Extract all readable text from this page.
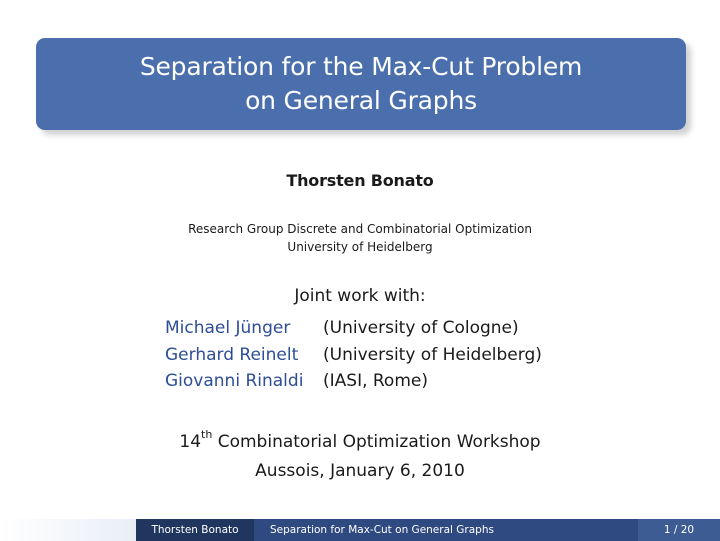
Separation for the Max-Cut Problem
on General Graphs
Thorsten Bonato
Research Group Discrete and Combinatorial Optimization
University of Heidelberg
Joint work with:
Michael Jünger	(University of Cologne)
Gerhard Reinelt	(University of Heidelberg)
Giovanni Rinaldi	(IASI, Rome)
14th Combinatorial Optimization Workshop
Aussois, January 6, 2010
Thorsten Bonato	Separation for Max-Cut on General Graphs	1 / 20
